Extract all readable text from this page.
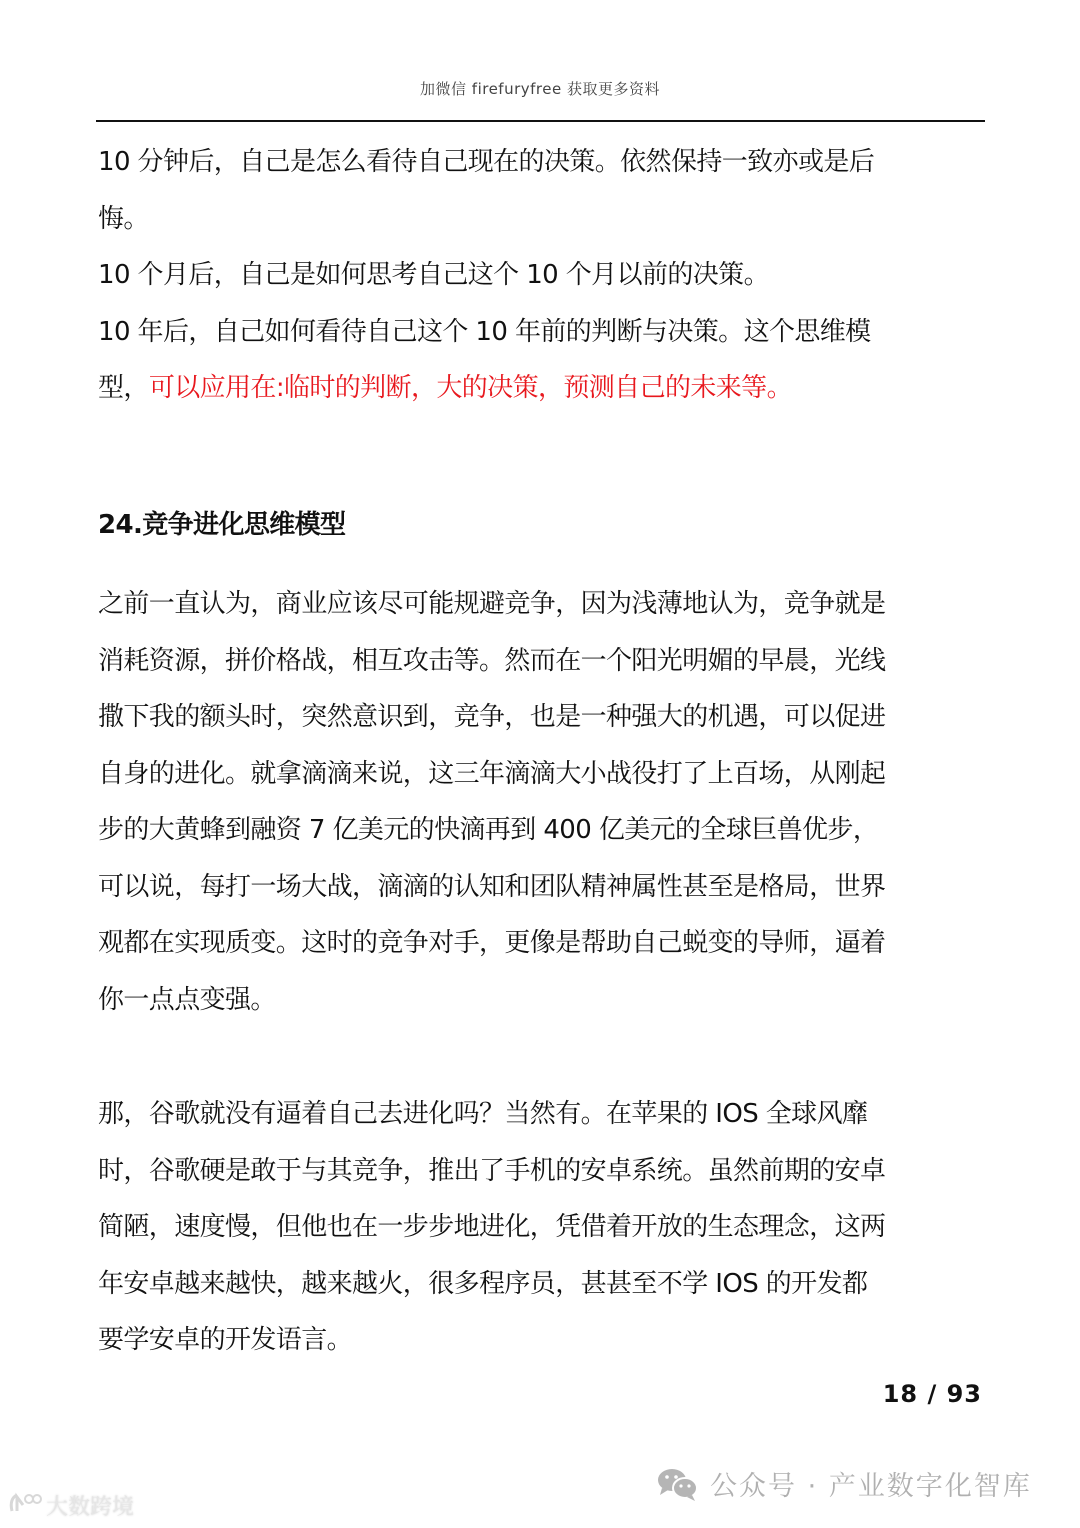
加微信 firefuryfree 获取更多资料
10 分钟后，自己是怎么看待自己现在的决策。依然保持一致亦或是后
悔。
10 个月后，自己是如何思考自己这个 10 个月以前的决策。
10 年后，自己如何看待自己这个 10 年前的判断与决策。这个思维模
型，可以应用在:临时的判断，大的决策，预测自己的未来等。
24.竞争进化思维模型
之前一直认为，商业应该尽可能规避竞争，因为浅薄地认为，竞争就是
消耗资源，拼价格战，相互攻击等。然而在一个阳光明媚的早晨，光线
撒下我的额头时，突然意识到，竞争，也是一种强大的机遇，可以促进
自身的进化。就拿滴滴来说，这三年滴滴大小战役打了上百场，从刚起
步的大黄蜂到融资 7 亿美元的快滴再到 400 亿美元的全球巨兽优步，
可以说，每打一场大战，滴滴的认知和团队精神属性甚至是格局，世界
观都在实现质变。这时的竞争对手，更像是帮助自己蜕变的导师，逼着
你一点点变强。
那，谷歌就没有逼着自己去进化吗？当然有。在苹果的 IOS 全球风靡
时，谷歌硬是敢于与其竞争，推出了手机的安卓系统。虽然前期的安卓
简陋，速度慢，但他也在一步步地进化，凭借着开放的生态理念，这两
年安卓越来越快，越来越火，很多程序员，甚甚至不学 IOS 的开发都
要学安卓的开发语言。
18 / 93
公众号 · 产业数字化智库
大数跨境
